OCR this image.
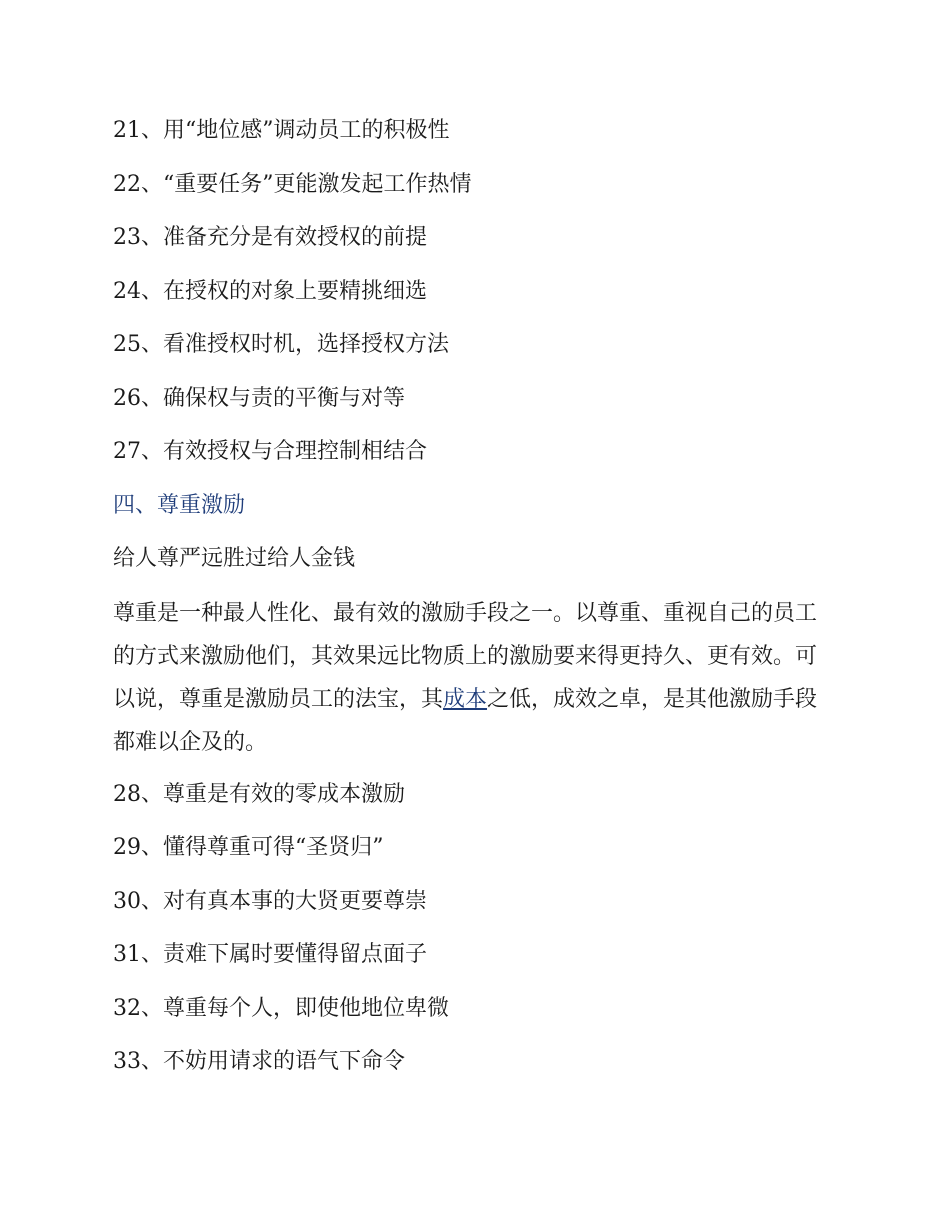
21、用“地位感”调动员工的积极性
22、“重要任务”更能激发起工作热情
23、准备充分是有效授权的前提
24、在授权的对象上要精挑细选
25、看准授权时机，选择授权方法
26、确保权与责的平衡与对等
27、有效授权与合理控制相结合
四、尊重激励
给人尊严远胜过给人金钱

尊重是一种最人性化、最有效的激励手段之一。以尊重、重视自己的员工的方式来激励他们，其效果远比物质上的激励要来得更持久、更有效。可以说，尊重是激励员工的法宝，其成本之低，成效之卓，是其他激励手段都难以企及的。

28、尊重是有效的零成本激励
29、懂得尊重可得“圣贤归”
30、对有真本事的大贤更要尊崇
31、责难下属时要懂得留点面子
32、尊重每个人，即使他地位卑微
33、不妨用请求的语气下命令
